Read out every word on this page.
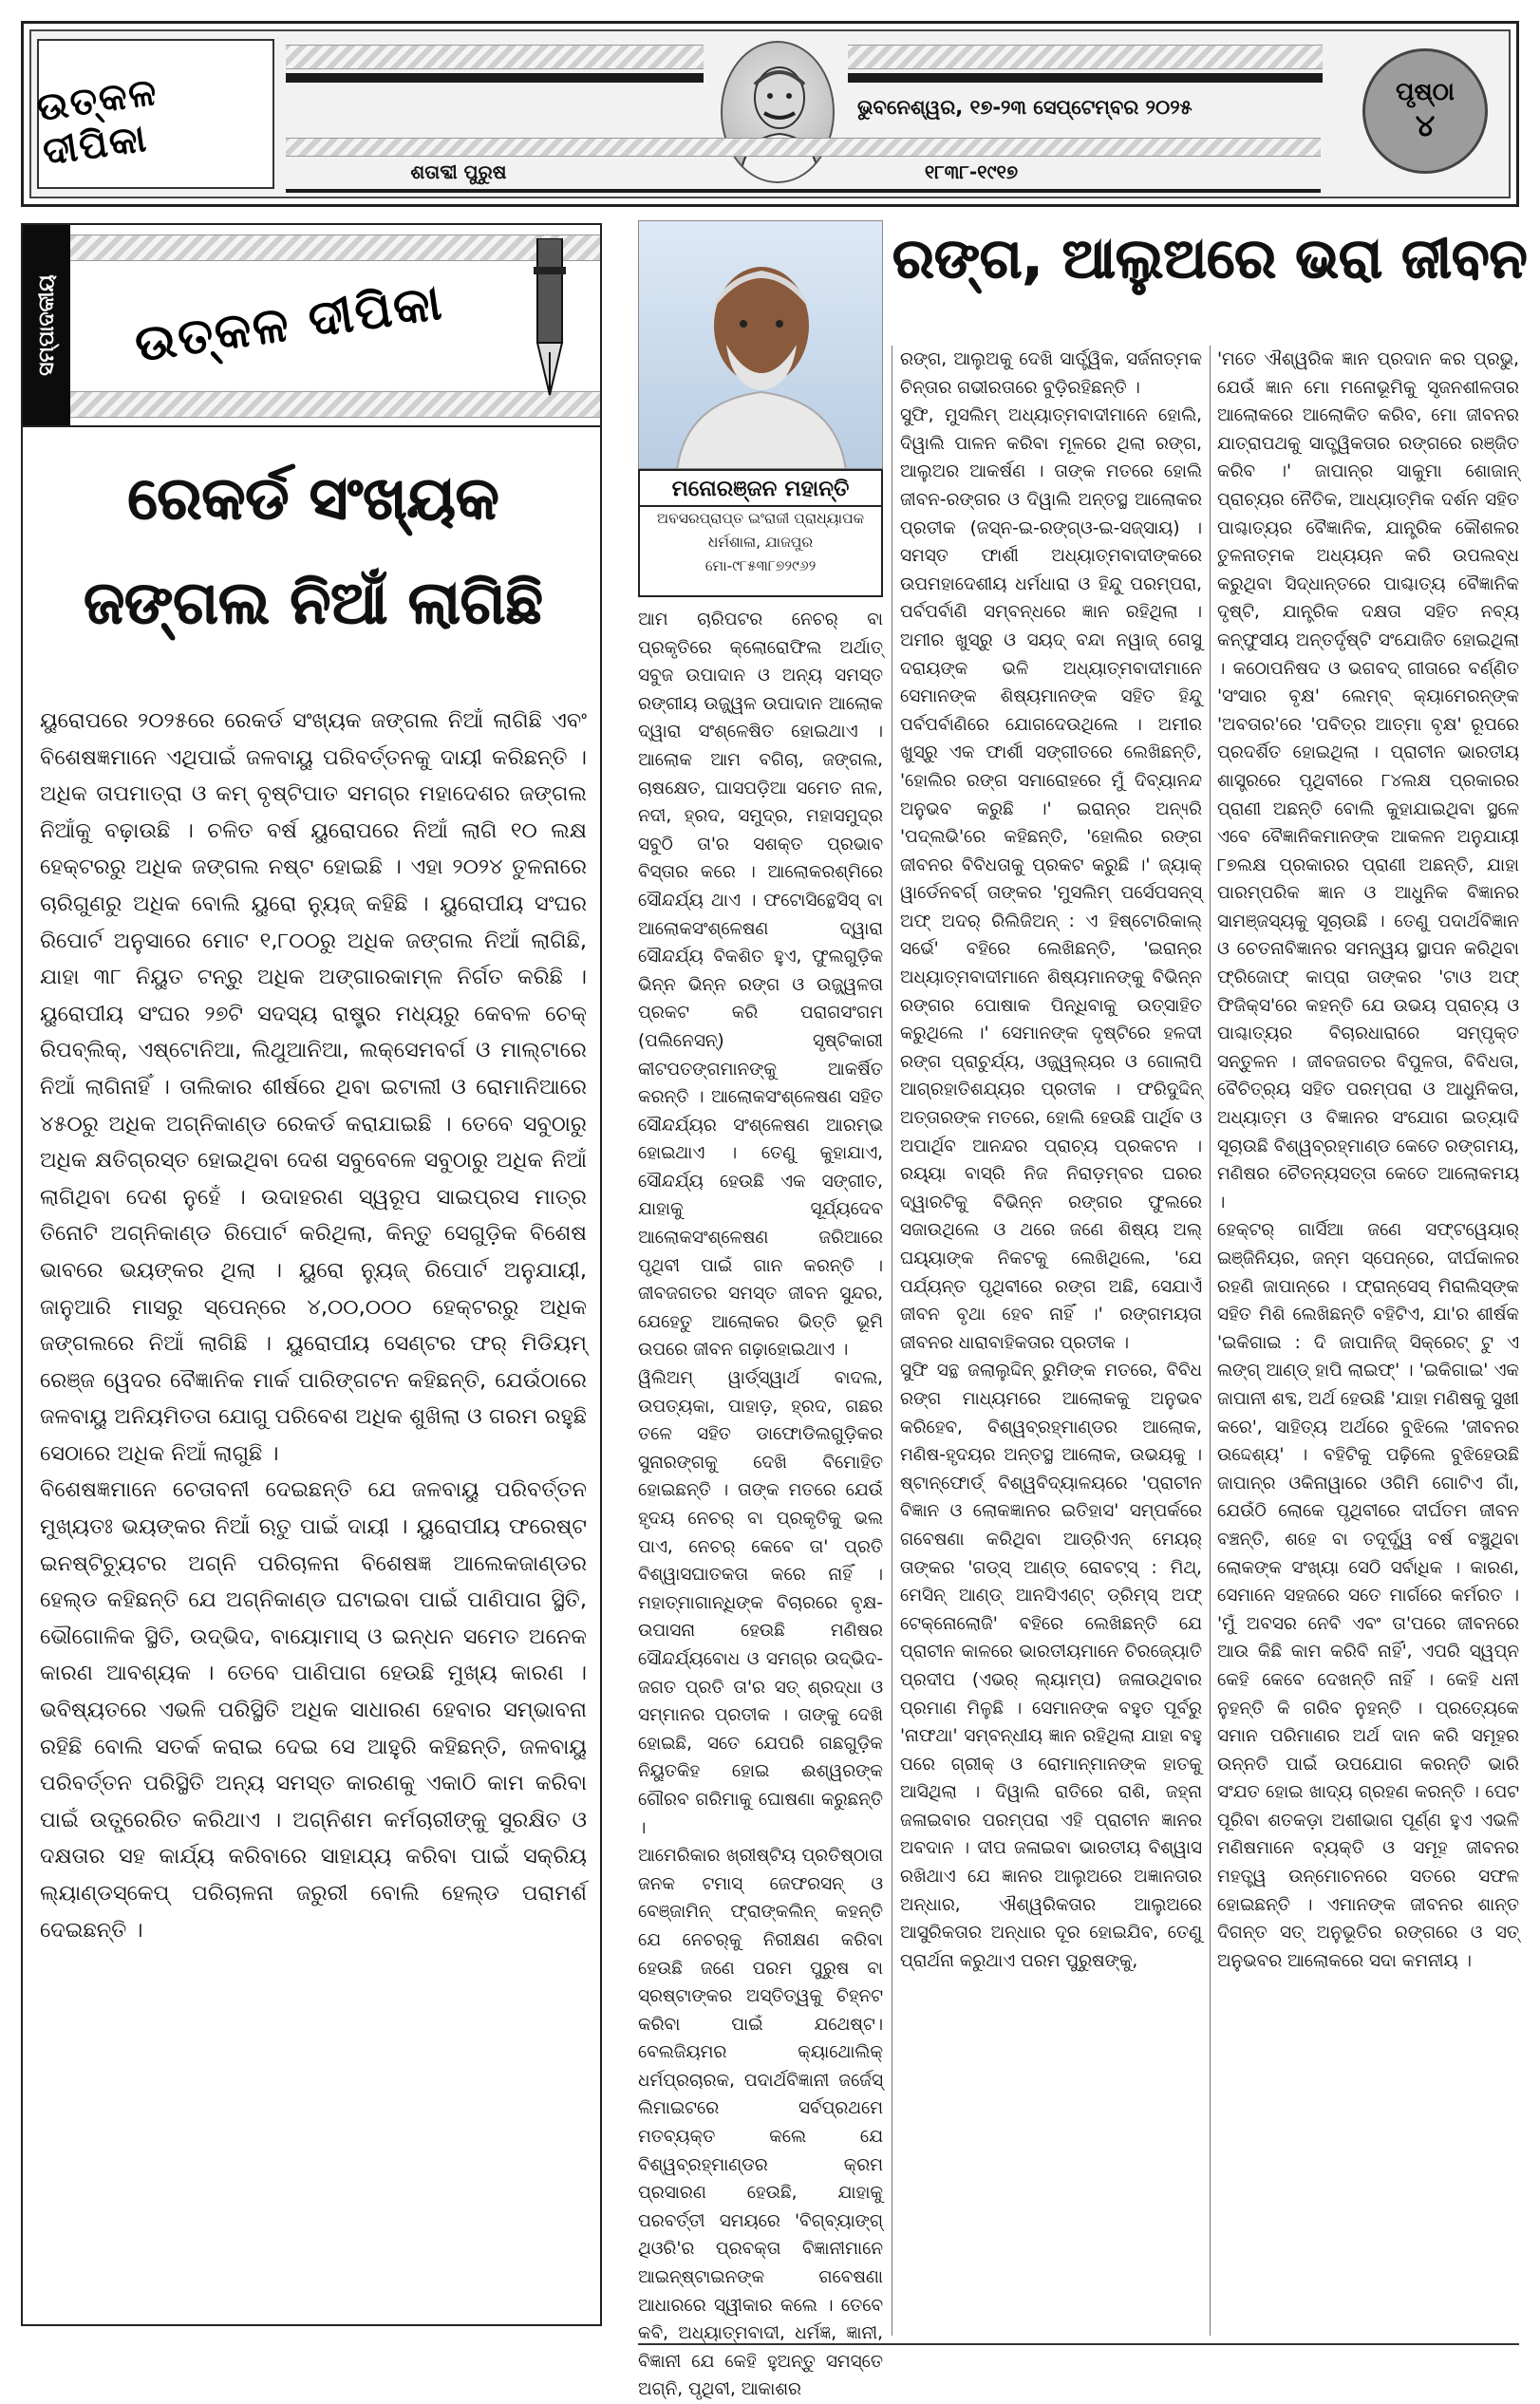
ଉତ୍କଳ ଦୀପିକା
ଭୁବନେଶ୍ୱର, ୧୭-୨୩ ସେପ୍ଟେମ୍ବର ୨୦୨୫
ଶତାବ୍ଦୀ ପୁରୁଷ	୧୮୩୮-୧୯୧୭
ପୃଷ୍ଠା
୪
ସମ୍ପାଦକୀୟ ଉତ୍କଳ ଦୀପିକା
ରେକର୍ଡ ସଂଖ୍ୟକ
ଜଙ୍ଗଲ ନିଆଁ ଲାଗିଛି

ୟୁରୋପରେ ୨୦୨୫ରେ ରେକର୍ଡ ସଂଖ୍ୟକ ଜଙ୍ଗଲ ନିଆଁ ଲାଗିଛି ଏବଂ ବିଶେଷଜ୍ଞମାନେ ଏଥିପାଇଁ ଜଳବାୟୁ ପରିବର୍ତ୍ତନକୁ ଦାୟୀ କରିଛନ୍ତି । ଅଧିକ ତାପମାତ୍ରା ଓ କମ୍ ବୃଷ୍ଟିପାତ ସମଗ୍ର ମହାଦେଶର ଜଙ୍ଗଲ ନିଆଁକୁ ବଢ଼ାଉଛି । ଚଳିତ ବର୍ଷ ୟୁରୋପରେ ନିଆଁ ଲାଗି ୧୦ ଲକ୍ଷ ହେକ୍ଟରରୁ ଅଧିକ ଜଙ୍ଗଲ ନଷ୍ଟ ହୋଇଛି । ଏହା ୨୦୨୪ ତୁଳନାରେ ଚାରିଗୁଣରୁ ଅଧିକ ବୋଲି ୟୁରୋ ନ୍ୟୁଜ୍ କହିଛି । ୟୁରୋପୀୟ ସଂଘର ରିପୋର୍ଟ ଅନୁସାରେ ମୋଟ ୧,୮୦୦ରୁ ଅଧିକ ଜଙ୍ଗଲ ନିଆଁ ଲାଗିଛି, ଯାହା ୩୮ ନିୟୁତ ଟନ୍‌ରୁ ଅଧିକ ଅଙ୍ଗାରକାମ୍ଳ ନିର୍ଗତ କରିଛି । ୟୁରୋପୀୟ ସଂଘର ୨୭ଟି ସଦସ୍ୟ ରାଷ୍ଟ୍ର ମଧ୍ୟରୁ କେବଳ ଚେକ୍ ରିପବ୍ଲିକ୍, ଏଷ୍ଟୋନିଆ, ଲିଥୁଆନିଆ, ଲକ୍ସେମବର୍ଗ ଓ ମାଲ୍ଟାରେ ନିଆଁ ଲାଗିନାହିଁ । ତାଲିକାର ଶୀର୍ଷରେ ଥିବା ଇଟାଲୀ ଓ ରୋମାନିଆରେ ୪୫୦ରୁ ଅଧିକ ଅଗ୍ନିକାଣ୍ଡ ରେକର୍ଡ କରାଯାଇଛି । ତେବେ ସବୁଠାରୁ ଅଧିକ କ୍ଷତିଗ୍ରସ୍ତ ହୋଇଥିବା ଦେଶ ସବୁବେଳେ ସବୁଠାରୁ ଅଧିକ ନିଆଁ ଲାଗିଥିବା ଦେଶ ନୁହେଁ । ଉଦାହରଣ ସ୍ୱରୂପ ସାଇପ୍ରସ ମାତ୍ର ତିନୋଟି ଅଗ୍ନିକାଣ୍ଡ ରିପୋର୍ଟ କରିଥିଲା, କିନ୍ତୁ ସେଗୁଡ଼ିକ ବିଶେଷ ଭାବରେ ଭୟଙ୍କର ଥିଲା । ୟୁରୋ ନ୍ୟୁଜ୍ ରିପୋର୍ଟ ଅନୁଯାୟୀ, ଜାନୁଆରି ମାସରୁ ସ୍ପେନ୍‌ରେ ୪,୦୦,୦୦୦ ହେକ୍ଟରରୁ ଅଧିକ ଜଙ୍ଗଲରେ ନିଆଁ ଲାଗିଛି । ୟୁରୋପୀୟ ସେଣ୍ଟର ଫର୍ ମିଡିୟମ୍ ରେଞ୍ଜ ୱେଦର ବୈଜ୍ଞାନିକ ମାର୍କ ପାରିଙ୍ଗଟନ କହିଛନ୍ତି, ଯେଉଁଠାରେ ଜଳବାୟୁ ଅନିୟମିତତା ଯୋଗୁ ପରିବେଶ ଅଧିକ ଶୁଖିଲା ଓ ଗରମ ରହୁଛି ସେଠାରେ ଅଧିକ ନିଆଁ ଲାଗୁଛି ।

ବିଶେଷଜ୍ଞମାନେ ଚେତାବନୀ ଦେଇଛନ୍ତି ଯେ ଜଳବାୟୁ ପରିବର୍ତ୍ତନ ମୁଖ୍ୟତଃ ଭୟଙ୍କର ନିଆଁ ଋତୁ ପାଇଁ ଦାୟୀ । ୟୁରୋପୀୟ ଫରେଷ୍ଟ ଇନଷ୍ଟିଚ୍ୟୁଟର ଅଗ୍ନି ପରିଚାଳନା ବିଶେଷଜ୍ଞ ଆଲେକଜାଣ୍ଡର ହେଲ୍ଡ କହିଛନ୍ତି ଯେ ଅଗ୍ନିକାଣ୍ଡ ଘଟାଇବା ପାଇଁ ପାଣିପାଗ ସ୍ଥିତି, ଭୌଗୋଳିକ ସ୍ଥିତି, ଉଦ୍ଭିଦ, ବାୟୋମାସ୍ ଓ ଇନ୍ଧନ ସମେତ ଅନେକ କାରଣ ଆବଶ୍ୟକ । ତେବେ ପାଣିପାଗ ହେଉଛି ମୁଖ୍ୟ କାରଣ । ଭବିଷ୍ୟତରେ ଏଭଳି ପରିସ୍ଥିତି ଅଧିକ ସାଧାରଣ ହେବାର ସମ୍ଭାବନା ରହିଛି ବୋଲି ସତର୍କ କରାଇ ଦେଇ ସେ ଆହୁରି କହିଛନ୍ତି, ଜଳବାୟୁ ପରିବର୍ତ୍ତନ ପରିସ୍ଥିତି ଅନ୍ୟ ସମସ୍ତ କାରଣକୁ ଏକାଠି କାମ କରିବା ପାଇଁ ଉତ୍ପ୍ରେରିତ କରିଥାଏ । ଅଗ୍ନିଶମ କର୍ମଚାରୀଙ୍କୁ ସୁରକ୍ଷିତ ଓ ଦକ୍ଷତାର ସହ କାର୍ଯ୍ୟ କରିବାରେ ସାହାଯ୍ୟ କରିବା ପାଇଁ ସକ୍ରିୟ ଲ୍ୟାଣ୍ଡସ୍କେପ୍ ପରିଚାଳନା ଜରୁରୀ ବୋଲି ହେଲ୍ଡ ପରାମର୍ଶ ଦେଇଛନ୍ତି ।

ମନୋରଞ୍ଜନ ମହାନ୍ତି
ଅବସରପ୍ରାପ୍ତ ଇଂରାଜୀ ପ୍ରାଧ୍ୟାପକ
ଧର୍ମଶାଳା, ଯାଜପୁର
ମୋ-୯୮୫୩୮୭୨୯୬୨
ରଙ୍ଗ, ଆଲୁଅରେ ଭରା ଜୀବନ

ଆମ ଚାରିପଟର ନେଚର୍ ବା ପ୍ରକୃତିରେ କ୍ଲୋରୋଫିଲ ଅର୍ଥାତ୍ ସବୁଜ ଉପାଦାନ ଓ ଅନ୍ୟ ସମସ୍ତ ରଙ୍ଗୀୟ ଉଜ୍ଜ୍ୱଳ ଉପାଦାନ ଆଲୋକ ଦ୍ୱାରା ସଂଶ୍ଳେଷିତ ହୋଇଥାଏ । ଆଲୋକ ଆମ ବଗିଚା, ଜଙ୍ଗଲ, ଚାଷକ୍ଷେତ, ଘାସପଡ଼ିଆ ସମେତ ନାଳ, ନଦୀ, ହ୍ରଦ, ସମୁଦ୍ର, ମହାସମୁଦ୍ର ସବୁଠି ତା'ର ସଶକ୍ତ ପ୍ରଭାବ ବିସ୍ତାର କରେ । ଆଲୋକରଶ୍ମିରେ ସୌନ୍ଦର୍ଯ୍ୟ ଥାଏ । ଫଟୋସିନ୍ଥେସିସ୍ ବା ଆଲୋକସଂଶ୍ଳେଷଣ ଦ୍ୱାରା ସୌନ୍ଦର୍ଯ୍ୟ ବିକଶିତ ହୁଏ, ଫୁଲଗୁଡ଼ିକ ଭିନ୍ନ ଭିନ୍ନ ରଙ୍ଗ ଓ ଉଜ୍ଜ୍ୱଳତା ପ୍ରକଟ କରି ପରାଗସଂଗମ (ପଲିନେସନ୍) ସୃଷ୍ଟିକାରୀ କୀଟପତଙ୍ଗମାନଙ୍କୁ ଆକର୍ଷିତ କରନ୍ତି । ଆଲୋକସଂଶ୍ଳେଷଣ ସହିତ ସୌନ୍ଦର୍ଯ୍ୟର ସଂଶ୍ଳେଷଣ ଆରମ୍ଭ ହୋଇଥାଏ । ତେଣୁ କୁହାଯାଏ, ସୌନ୍ଦର୍ଯ୍ୟ ହେଉଛି ଏକ ସଙ୍ଗୀତ, ଯାହାକୁ ସୂର୍ଯ୍ୟଦେବ ଆଲୋକସଂଶ୍ଳେଷଣ ଜରିଆରେ ପୃଥିବୀ ପାଇଁ ଗାନ କରନ୍ତି । ଜୀବଜଗତର ସମସ୍ତ ଜୀବନ ସୁନ୍ଦର, ଯେହେତୁ ଆଲୋକର ଭିତ୍ତି ଭୂମି ଉପରେ ଜୀବନ ଗଢ଼ାହୋଇଥାଏ ।

ୱିଲିଅମ୍ ୱାର୍ଡ୍‌ସ୍ୱାର୍ଥ ବାଦଲ, ଉପତ୍ୟକା, ପାହାଡ଼, ହ୍ରଦ, ଗଛର ତଳେ ସହିତ ଡାଫୋଡିଲଗୁଡ଼ିକର ସୁନାରଙ୍ଗକୁ ଦେଖି ବିମୋହିତ ହୋଇଛନ୍ତି । ତାଙ୍କ ମତରେ ଯେଉଁ ହୃଦୟ ନେଚର୍ ବା ପ୍ରକୃତିକୁ ଭଲ ପାଏ, ନେଚର୍ କେବେ ତା' ପ୍ରତି ବିଶ୍ୱାସଘାତକତା କରେ ନାହିଁ । ମହାତ୍ମାଗାନ୍ଧିଙ୍କ ବିଚାରରେ ବୃକ୍ଷ-ଉପାସନା ହେଉଛି ମଣିଷର ସୌନ୍ଦର୍ଯ୍ୟବୋଧ ଓ ସମଗ୍ର ଉଦ୍ଭିଦ-ଜଗତ ପ୍ରତି ତା'ର ସତ୍ ଶ୍ରଦ୍ଧା ଓ ସମ୍ମାନର ପ୍ରତୀକ । ତାଙ୍କୁ ଦେଖି ହୋଇଛି, ସତେ ଯେପରି ଗଛଗୁଡ଼ିକ ନିୟୁତକିହ ହୋଇ ଈଶ୍ୱରଙ୍କ ଗୌରବ ଗରିମାକୁ ଘୋଷଣା କରୁଛନ୍ତି ।

ଆମେରିକାର ଖ୍ରୀଷ୍ଟିୟ ପ୍ରତିଷ୍ଠାତା ଜନକ ଟମାସ୍ ଜେଫରସନ୍ ଓ ବେଞ୍ଜାମିନ୍ ଫ୍ରାଙ୍କଲିନ୍ କହନ୍ତି ଯେ ନେଚର୍‌କୁ ନିରୀକ୍ଷଣ କରିବା ହେଉଛି ଜଣେ ପରମ ପୁରୁଷ ବା ସ୍ରଷ୍ଟାଙ୍କର ଅସ୍ତିତ୍ୱକୁ ଚିହ୍ନଟ କରିବା ପାଇଁ ଯଥେଷ୍ଟ। ବେଲଜିୟମର କ୍ୟାଥୋଲିକ୍ ଧର୍ମପ୍ରଚାରକ, ପଦାର୍ଥବିଜ୍ଞାନୀ ଜର୍ଜେସ୍ ଲିମାଇଟରେ ସର୍ବପ୍ରଥମେ ମତବ୍ୟକ୍ତ କଲେ ଯେ ବିଶ୍ୱବ୍ରହ୍ମାଣ୍ଡର କ୍ରମ ପ୍ରସାରଣ ହେଉଛି, ଯାହାକୁ ପରବର୍ତ୍ତୀ ସମୟରେ 'ବିଗ୍‌ବ୍ୟାଙ୍ଗ୍ ଥିଓରି'ର ପ୍ରବକ୍ତା ବିଜ୍ଞାନୀମାନେ ଆଇନ୍‌ଷ୍ଟାଇନଙ୍କ ଗବେଷଣା ଆଧାରରେ ସ୍ୱୀକାର କଲେ । ତେବେ କବି, ଅଧ୍ୟାତ୍ମବାଦୀ, ଧର୍ମଜ୍ଞ, ଜ୍ଞାନୀ, ବିଜ୍ଞାନୀ ଯେ କେହି ହୁଅନ୍ତୁ ସମସ୍ତେ ଅଗ୍ନି, ପୃଥିବୀ, ଆକାଶର

ରଙ୍ଗ, ଆଲୁଅକୁ ଦେଖି ସାର୍ତ୍ତ୍ୱିକ, ସର୍ଜନାତ୍ମକ ଚିନ୍ତାର ଗଭୀରତାରେ ବୁଡ଼ିରହିଛନ୍ତି ।

ସୁଫି, ମୁସଲିମ୍ ଅଧ୍ୟାତ୍ମବାଦୀମାନେ ହୋଲି, ଦିୱାଲି ପାଳନ କରିବା ମୂଳରେ ଥିଲା ରଙ୍ଗ, ଆଲୁଅର ଆକର୍ଷଣ । ତାଙ୍କ ମତରେ ହୋଲି ଜୀବନ-ରଙ୍ଗର ଓ ଦିୱାଲି ଅନ୍ତସ୍ଥ ଆଲୋକର ପ୍ରତୀକ (ଜସ୍ନ-ଇ-ରଙ୍ଗ୍‌ଓ-ଇ-ସଜ୍‌ସାୟ) । ସମସ୍ତ ଫାର୍ଶୀ ଅଧ୍ୟାତ୍ମବାଦୀଙ୍କରେ ଉପମହାଦେଶୀୟ ଧର୍ମଧାରା ଓ ହିନ୍ଦୁ ପରମ୍ପରା, ପର୍ବପର୍ବାଣି ସମ୍ବନ୍ଧରେ ଜ୍ଞାନ ରହିଥିଲା । ଅମୀର ଖୁସ୍ରୁ ଓ ସୟଦ୍ ବନ୍ଦା ନୱାଜ୍ ଗେସୁ ଦରାୟଙ୍କ ଭଳି ଅଧ୍ୟାତ୍ମବାଦୀମାନେ ସେମାନଙ୍କ ଶିଷ୍ୟମାନଙ୍କ ସହିତ ହିନ୍ଦୁ ପର୍ବପର୍ବାଣିରେ ଯୋଗଦେଉଥିଲେ । ଅମୀର ଖୁସ୍ରୁ ଏକ ଫାର୍ଶୀ ସଙ୍ଗୀତରେ ଲେଖିଛନ୍ତି, 'ହୋଲିର ରଙ୍ଗ ସମାରୋହରେ ମୁଁ ଦିବ୍ୟାନନ୍ଦ ଅନୁଭବ କରୁଛି ।' ଇରାନ୍‌ର ଅନ୍ୟ୍‌ରି 'ପଦ୍‌ଲଭି'ରେ କହିଛନ୍ତି, 'ହୋଲିର ରଙ୍ଗ ଜୀବନର ବିବିଧତାକୁ ପ୍ରକଟ କରୁଛି ।' ଜ୍ୟାକ୍ ୱାର୍ଡେନବର୍ଗ୍ ତାଙ୍କର 'ମୁସଲିମ୍ ପର୍ସେପସନ୍ସ୍ ଅଫ୍ ଅଦର୍ ରିଲିଜିଅନ୍ : ଏ ହିଷ୍ଟୋରିକାଲ୍ ସର୍ଭେ' ବହିରେ ଲେଖିଛନ୍ତି, 'ଇରାନ୍‌ର ଅଧ୍ୟାତ୍ମବାଦୀମାନେ ଶିଷ୍ୟମାନଙ୍କୁ ବିଭିନ୍ନ ରଙ୍ଗର ପୋଷାକ ପିନ୍ଧିବାକୁ ଉତ୍ସାହିତ କରୁଥିଲେ ।' ସେମାନଙ୍କ ଦୃଷ୍ଟିରେ ହଳଦୀ ରଙ୍ଗ ପ୍ରାଚୁର୍ଯ୍ୟ, ଓଜ୍ଜ୍ୱଲ୍ୟର ଓ ଗୋଲାପି ଆଗ୍ରହାତିଶଯ୍ୟର ପ୍ରତୀକ । ଫରିଦୁଦ୍ଦିନ୍ ଅତ୍ତାରଙ୍କ ମତରେ, ହୋଲି ହେଉଛି ପାର୍ଥିବ ଓ ଅପାର୍ଥିବ ଆନନ୍ଦର ପ୍ରାଚ୍ୟ ପ୍ରକଟନ । ରୟ୍ୟା ବାସ୍ରି ନିଜ ନିରାଡ଼ମ୍ବର ଘରର ଦ୍ୱାରଟିକୁ ବିଭିନ୍ନ ରଙ୍ଗର ଫୁଲରେ ସଜାଉଥିଲେ ଓ ଥରେ ଜଣେ ଶିଷ୍ୟ ଅଲ୍ ଘୟ୍ୟାଙ୍କ ନିକଟକୁ ଲେଖିଥିଲେ, 'ଯେ ପର୍ଯ୍ୟନ୍ତ ପୃଥିବୀରେ ରଙ୍ଗ ଅଛି, ସେଯାଏଁ ଜୀବନ ବୃଥା ହେବ ନାହିଁ ।' ରଙ୍ଗମୟତା ଜୀବନର ଧାରାବାହିକତାର ପ୍ରତୀକ ।

ସୁଫି ସନ୍ଥ ଜଲାଲୁଦ୍ଦିନ୍ ରୁମିଙ୍କ ମତରେ, ବିବିଧ ରଙ୍ଗ ମାଧ୍ୟମରେ ଆଲୋକକୁ ଅନୁଭବ କରିହେବ, ବିଶ୍ୱବ୍ରହ୍ମାଣ୍ଡର ଆଲୋକ, ମଣିଷ-ହୃଦୟର ଅନ୍ତସ୍ଥ ଆଲୋକ, ଉଭୟକୁ । ଷ୍ଟାନ୍‌ଫୋର୍ଡ୍ ବିଶ୍ୱବିଦ୍ୟାଳୟରେ 'ପ୍ରାଚୀନ ବିଜ୍ଞାନ ଓ ଲୋକଜ୍ଞାନର ଇତିହାସ' ସମ୍ପର୍କରେ ଗବେଷଣା କରିଥିବା ଆଡ୍ରିଏନ୍ ମେୟର୍ ତାଙ୍କର 'ଗଡ୍‌ସ୍ ଆଣ୍ଡ୍ ରୋବଟ୍‌ସ୍ : ମିଥ୍, ମେସିନ୍ ଆଣ୍ଡ୍ ଆନସିଏଣ୍ଟ୍ ଡ୍ରିମ୍ସ୍ ଅଫ୍ ଟେକ୍‌ନୋଲୋଜି' ବହିରେ ଲେଖିଛନ୍ତି ଯେ ପ୍ରାଚୀନ କାଳରେ ଭାରତୀୟମାନେ ଚିରଜ୍ୟୋତି ପ୍ରଦୀପ (ଏଭର୍ ଲ୍ୟାମ୍ପ) ଜଳାଉଥିବାର ପ୍ରମାଣ ମିଳୁଛି । ସେମାନଙ୍କ ବହୁତ ପୂର୍ବରୁ 'ନାଫଥା' ସମ୍ବନ୍ଧୀୟ ଜ୍ଞାନ ରହିଥିଲା ଯାହା ବହୁ ପରେ ଗ୍ରୀକ୍ ଓ ରୋମାନ୍‌ମାନଙ୍କ ହାତକୁ ଆସିଥିଲା । ଦିୱାଲି ରାତିରେ ରାଶି, ଜହ୍ନା ଜଳାଇବାର ପରମ୍ପରା ଏହି ପ୍ରାଚୀନ ଜ୍ଞାନର ଅବଦାନ । ଦୀପ ଜଳାଇବା ଭାରତୀୟ ବିଶ୍ୱାସ ରଖିଥାଏ ଯେ ଜ୍ଞାନର ଆଲୁଅରେ ଅଜ୍ଞାନତାର ଅନ୍ଧାର, ଐଶ୍ୱରିକତାର ଆଲୁଅରେ ଆସୁରିକତାର ଅନ୍ଧାର ଦୂର ହୋଇଯିବ, ତେଣୁ ପ୍ରାର୍ଥନା କରୁଥାଏ ପରମ ପୁରୁଷଙ୍କୁ,

'ମତେ ଐଶ୍ୱରିକ ଜ୍ଞାନ ପ୍ରଦାନ କର ପ୍ରଭୁ, ଯେଉଁ ଜ୍ଞାନ ମୋ ମନୋଭୂମିକୁ ସୃଜନଶୀଳତାର ଆଲୋକରେ ଆଲୋକିତ କରିବ, ମୋ ଜୀବନର ଯାତ୍ରାପଥକୁ ସାତ୍ତ୍ୱିକତାର ରଙ୍ଗରେ ରଞ୍ଜିତ କରିବ ।' ଜାପାନ୍‌ର ସାକୁମା ଶୋଜାନ୍ ପ୍ରାଚ୍ୟର ନୈତିକ, ଆଧ୍ୟାତ୍ମିକ ଦର୍ଶନ ସହିତ ପାଶ୍ଚାତ୍ୟର ବୈଜ୍ଞାନିକ, ଯାନ୍ତ୍ରିକ କୌଶଳର ତୁଳନାତ୍ମକ ଅଧ୍ୟୟନ କରି ଉପଲବ୍ଧ କରୁଥିବା ସିଦ୍ଧାନ୍ତରେ ପାଶ୍ଚାତ୍ୟ ବୈଜ୍ଞାନିକ ଦୃଷ୍ଟି, ଯାନ୍ତ୍ରିକ ଦକ୍ଷତା ସହିତ ନବ୍ୟ କନ୍‌ଫୁସୀୟ ଅନ୍ତର୍ଦୃଷ୍ଟି ସଂଯୋଜିତ ହୋଇଥିଲା । କଠୋପନିଷଦ ଓ ଭଗବଦ୍ ଗୀତାରେ ବର୍ଣ୍ଣିତ 'ସଂସାର ବୃକ୍ଷ' ଲେମ୍ବ୍ କ୍ୟାମେରନ୍‌ଙ୍କ 'ଅବତାର'ରେ 'ପବିତ୍ର ଆତ୍ମା ବୃକ୍ଷ' ରୂପରେ ପ୍ରଦର୍ଶିତ ହୋଇଥିଲା । ପ୍ରାଚୀନ ଭାରତୀୟ ଶାସ୍ତ୍ରରେ ପୃଥିବୀରେ ୮୪ଲକ୍ଷ ପ୍ରକାରର ପ୍ରାଣୀ ଅଛନ୍ତି ବୋଲି କୁହାଯାଇଥିବା ସ୍ଥଳେ ଏବେ ବୈଜ୍ଞାନିକମାନଙ୍କ ଆକଳନ ଅନୁଯାୟୀ ୮୭ଲକ୍ଷ ପ୍ରକାରର ପ୍ରାଣୀ ଅଛନ୍ତି, ଯାହା ପାରମ୍ପରିକ ଜ୍ଞାନ ଓ ଆଧୁନିକ ବିଜ୍ଞାନର ସାମଞ୍ଜସ୍ୟକୁ ସୂଚାଉଛି । ତେଣୁ ପଦାର୍ଥବିଜ୍ଞାନ ଓ ଚେତନାବିଜ୍ଞାନର ସମନ୍ୱୟ ସ୍ଥାପନ କରିଥିବା ଫ୍ରିଜୋଫ୍ କାପ୍ରା ତାଙ୍କର 'ଟାଓ ଅଫ୍ ଫିଜିକ୍ସ'ରେ କହନ୍ତି ଯେ ଉଭୟ ପ୍ରାଚ୍ୟ ଓ ପାଶ୍ଚାତ୍ୟର ବିଚାରଧାରାରେ ସମ୍ପୃକ୍ତ ସନ୍ତୁଳନ । ଜୀବଜଗତର ବିପୁଳତା, ବିବିଧତା, ବୈଚିତ୍ର୍ୟ ସହିତ ପରମ୍ପରା ଓ ଆଧୁନିକତା, ଅଧ୍ୟାତ୍ମ ଓ ବିଜ୍ଞାନର ସଂଯୋଗ ଇତ୍ୟାଦି ସୂଚାଉଛି ବିଶ୍ୱବ୍ରହ୍ମାଣ୍ଡ କେତେ ରଙ୍ଗମୟ, ମଣିଷର ଚୈତନ୍ୟସତ୍ତା କେତେ ଆଲୋକମୟ ।

ହେକ୍ଟର୍ ଗାର୍ସିଆ ଜଣେ ସଫ୍ଟୱେୟାର୍ ଇଞ୍ଜିନିୟର, ଜନ୍ମ ସ୍ପେନ୍‌ରେ, ଦୀର୍ଘକାଳର ରହଣି ଜାପାନ୍‌ରେ । ଫ୍ରାନ୍‌ସେସ୍ ମିରାଲିସ୍‌ଙ୍କ ସହିତ ମିଶି ଲେଖିଛନ୍ତି ବହିଟିଏ, ଯା'ର ଶୀର୍ଷକ 'ଇକିଗାଇ : ଦି ଜାପାନିଜ୍ ସିକ୍ରେଟ୍ ଟୁ ଏ ଲଙ୍ଗ୍ ଆଣ୍ଡ୍ ହାପି ଲାଇଫ୍' । 'ଇକିଗାଇ' ଏକ ଜାପାନୀ ଶବ୍ଦ, ଅର୍ଥ ହେଉଛି 'ଯାହା ମଣିଷକୁ ସୁଖୀ କରେ', ସାହିତ୍ୟ ଅର୍ଥରେ ବୁଝିଲେ 'ଜୀବନର ଉଦ୍ଦେଶ୍ୟ' । ବହିଟିକୁ ପଢ଼ିଲେ ବୁଝିହେଉଛି ଜାପାନ୍‌ର ଓକିନାୱାରେ ଓଗିମି ଗୋଟିଏ ଗାଁ, ଯେଉଁଠି ଲୋକେ ପୃଥିବୀରେ ଦୀର୍ଘତମ ଜୀବନ ବଞ୍ଚନ୍ତି, ଶହେ ବା ତଦୂର୍ଦ୍ଧ୍ୱ ବର୍ଷ ବଞ୍ଚୁଥିବା ଲୋକଙ୍କ ସଂଖ୍ୟା ସେଠି ସର୍ବାଧିକ । କାରଣ, ସେମାନେ ସହଜରେ ସତେ ମାର୍ଗରେ କର୍ମରତ । 'ମୁଁ ଅବସର ନେବି ଏବଂ ତା'ପରେ ଜୀବନରେ ଆଉ କିଛି କାମ କରିବି ନାହିଁ', ଏପରି ସ୍ୱପ୍ନ କେହି କେବେ ଦେଖନ୍ତି ନାହିଁ । କେହି ଧନୀ ନୁହନ୍ତି କି ଗରିବ ନୁହନ୍ତି । ପ୍ରତ୍ୟେକେ ସମାନ ପରିମାଣର ଅର୍ଥ ଦାନ କରି ସମୂହର ଉନ୍ନତି ପାଇଁ ଉପଯୋଗ କରନ୍ତି ଭାରି ସଂଯତ ହୋଇ ଖାଦ୍ୟ ଗ୍ରହଣ କରନ୍ତି । ପେଟ ପୂରିବା ଶତକଡ଼ା ଅଶୀଭାଗ ପୂର୍ଣ୍ଣ ହୁଏ ଏଭଳି ମଣିଷମାନେ ବ୍ୟକ୍ତି ଓ ସମୂହ ଜୀବନର ମହତ୍ତ୍ୱ ଉନ୍ମୋଚନରେ ସତରେ ସଫଳ ହୋଇଛନ୍ତି । ଏମାନଙ୍କ ଜୀବନର ଶାନ୍ତ ଦିଗନ୍ତ ସତ୍ ଅନୁଭୂତିର ରଙ୍ଗରେ ଓ ସତ୍ ଅନୁଭବର ଆଲୋକରେ ସଦା କମନୀୟ ।
